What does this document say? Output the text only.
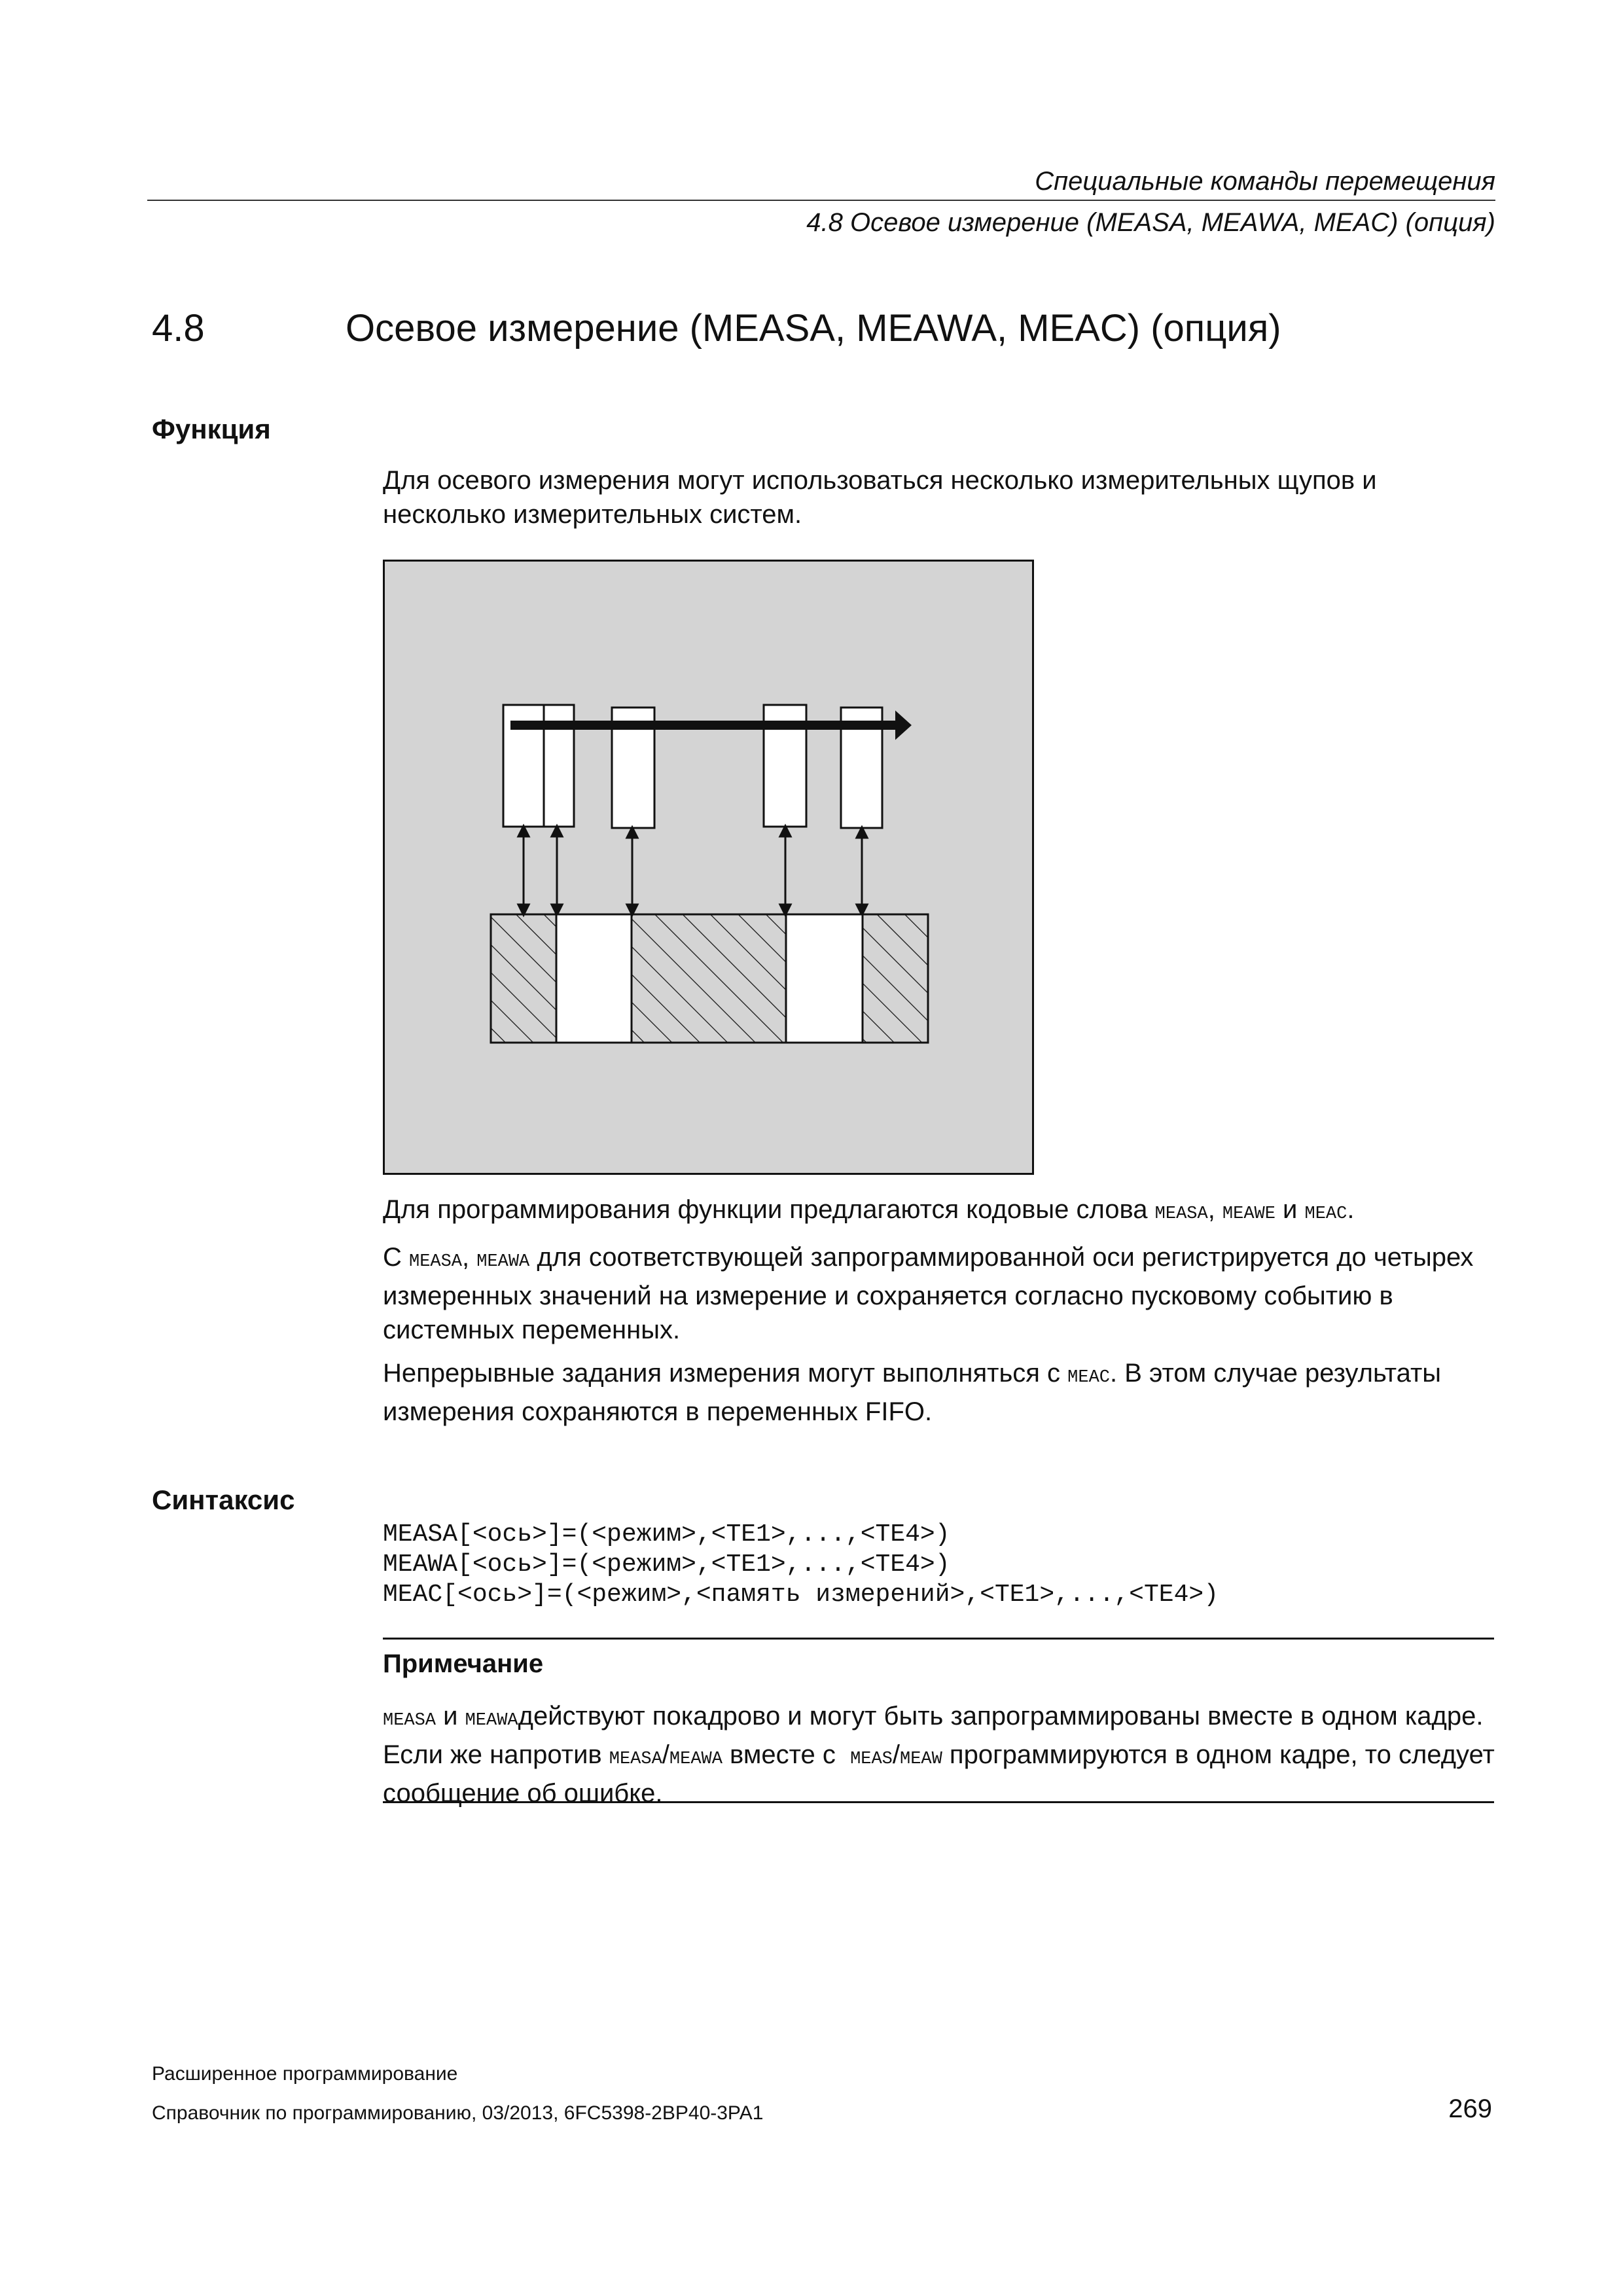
Специальные команды перемещения
4.8 Осевое измерение (MEASA, MEAWA, MEAC) (опция)
4.8	Осевое измерение (MEASA, MEAWA, MEAC) (опция)
Функция

Для осевого измерения могут использоваться несколько измерительных щупов и несколько измерительных систем.

Для программирования функции предлагаются кодовые слова MEASA, MEAWE и MEAC.

С MEASA, MEAWA для соответствующей запрограммированной оси регистрируется до четырех измеренных значений на измерение и сохраняется согласно пусковому событию в системных переменных.

Непрерывные задания измерения могут выполняться с MEAC. В этом случае результаты измерения сохраняются в переменных FIFO.

Синтаксис
MEASA[<ось>]=(<режим>,<TE1>,...,<TE4>)
MEAWA[<ось>]=(<режим>,<TE1>,...,<TE4>)
MEAC[<ось>]=(<режим>,<память измерений>,<TE1>,...,<TE4>)
Примечание

MEASA и MEAWAдействуют покадрово и могут быть запрограммированы вместе в одном кадре. Если же напротив MEASA/MEAWA вместе с  MEAS/MEAW программируются в одном кадре, то следует сообщение об ошибке.

Расширенное программирование
Справочник по программированию, 03/2013, 6FC5398-2BP40-3PA1	269
